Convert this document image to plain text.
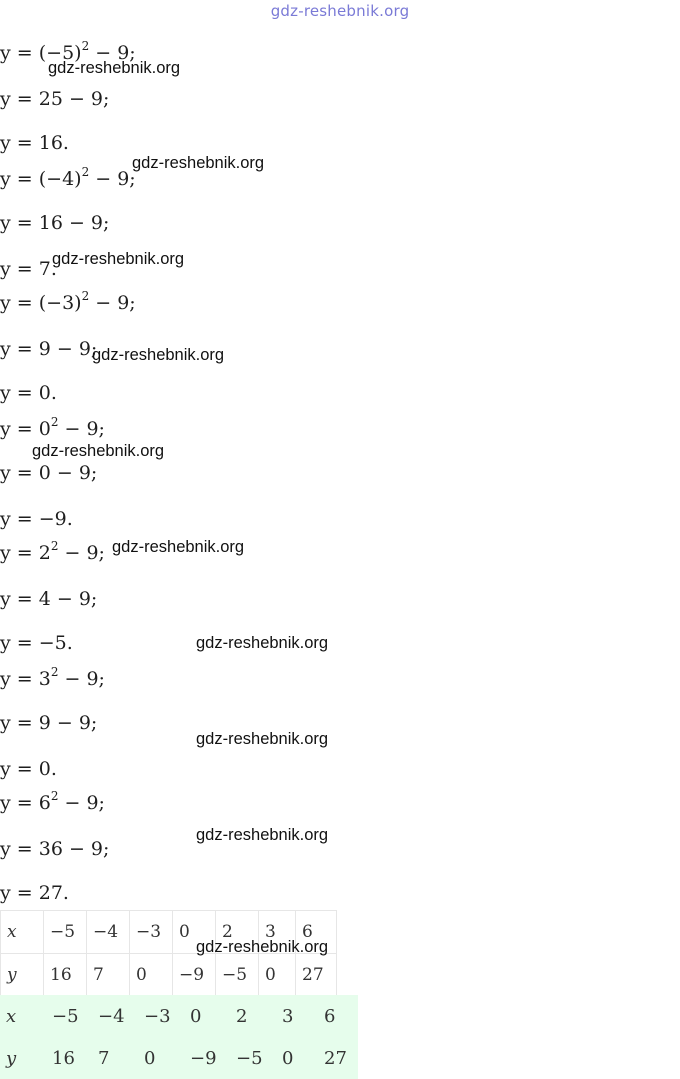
gdz-reshebnik.org
$y = (-5)^2 - 9$;
y = 25 − 9;
y = 16.
$y = (-4)^2 - 9$;
y = 16 − 9;
y = 7.
$y = (-3)^2 - 9$;
y = 9 − 9;
y = 0.
$y = 0^2 - 9$;
y = 0 − 9;
y = −9.
$y = 2^2 - 9$;
y = 4 − 9;
y = −5.
$y = 3^2 - 9$;
y = 9 − 9;
y = 0.
$y = 6^2 - 9$;
y = 36 − 9;
y = 27.
gdz-reshebnik.org
gdz-reshebnik.org
gdz-reshebnik.org
gdz-reshebnik.org
gdz-reshebnik.org
gdz-reshebnik.org
gdz-reshebnik.org
gdz-reshebnik.org
gdz-reshebnik.org
x	−5	−4	−3	0	2	3	6
y	16	7	0	−9	−5	0	27
gdz-reshebnik.org
x	−5	−4	−3	0	2	3	6
y	16	7	0	−9	−5	0	27
